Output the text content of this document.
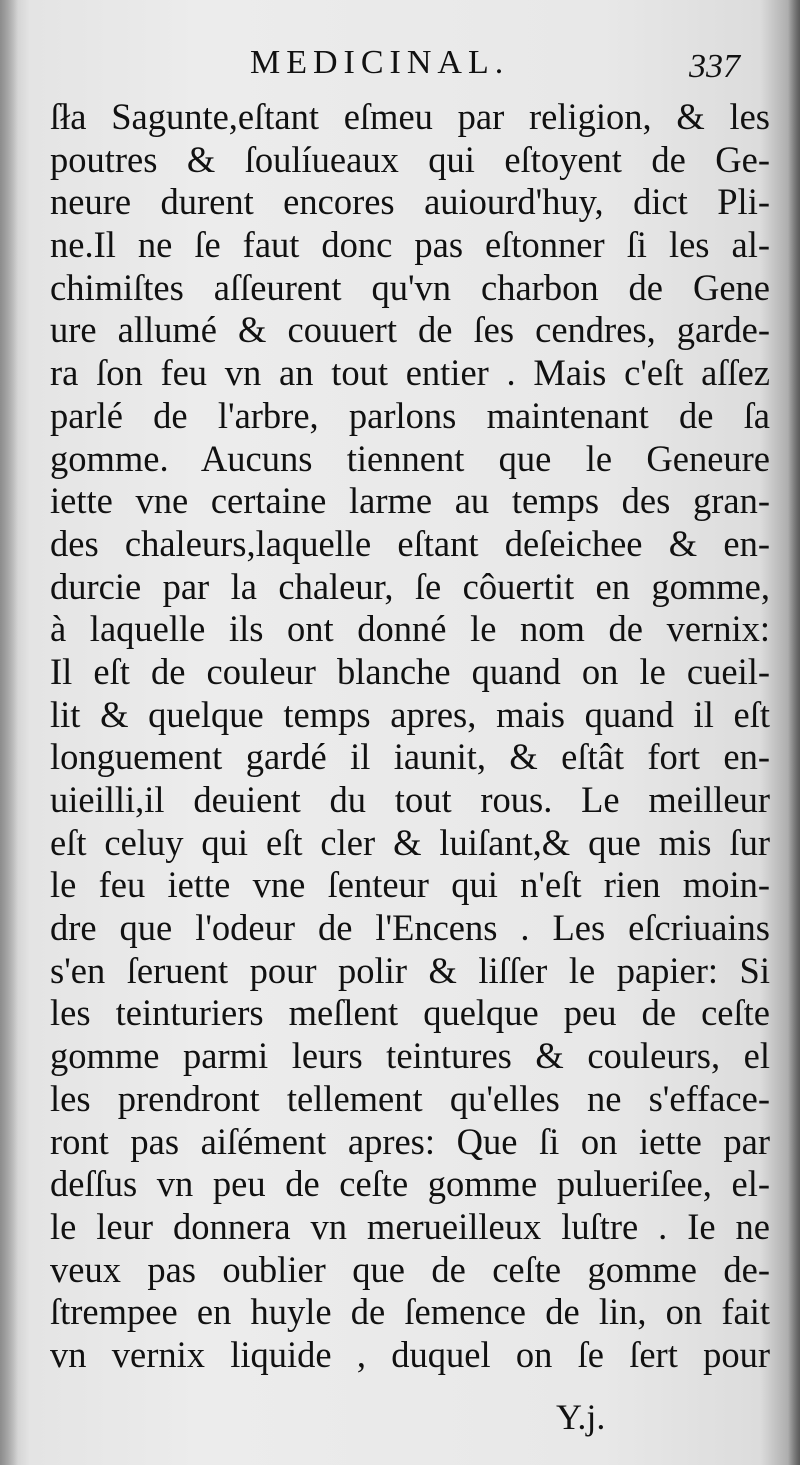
MEDICINAL.	337
ſła Sagunte,eſtant eſmeu par religion, & les
poutres & ſoulíueaux qui eſtoyent de Ge-
neure durent encores auiourd'huy, dict Pli-
ne.Il ne ſe faut donc pas eſtonner ſi les al-
chimiſtes aſſeurent qu'vn charbon de Gene
ure allumé & couuert de ſes cendres, garde-
ra ſon feu vn an tout entier . Mais c'eſt aſſez
parlé de l'arbre, parlons maintenant de ſa
gomme. Aucuns tiennent que le Geneure
iette vne certaine larme au temps des gran-
des chaleurs,laquelle eſtant deſeichee & en-
durcie par la chaleur, ſe côuertit en gomme,
à laquelle ils ont donné le nom de vernix:
Il eſt de couleur blanche quand on le cueil-
lit & quelque temps apres, mais quand il eſt
longuement gardé il iaunit, & eſtât fort en-
uieilli,il deuient du tout rous. Le meilleur
eſt celuy qui eſt cler & luiſant,& que mis ſur
le feu iette vne ſenteur qui n'eſt rien moin-
dre que l'odeur de l'Encens . Les eſcriuains
s'en ſeruent pour polir & liſſer le papier: Si
les teinturiers meſlent quelque peu de ceſte
gomme parmi leurs teintures & couleurs, el
les prendront tellement qu'elles ne s'efface-
ront pas aiſément apres: Que ſi on iette par
deſſus vn peu de ceſte gomme pulueriſee, el-
le leur donnera vn merueilleux luſtre . Ie ne
veux pas oublier que de ceſte gomme de-
ſtrempee en huyle de ſemence de lin, on fait
vn vernix liquide , duquel on ſe ſert pour
Y.j.
